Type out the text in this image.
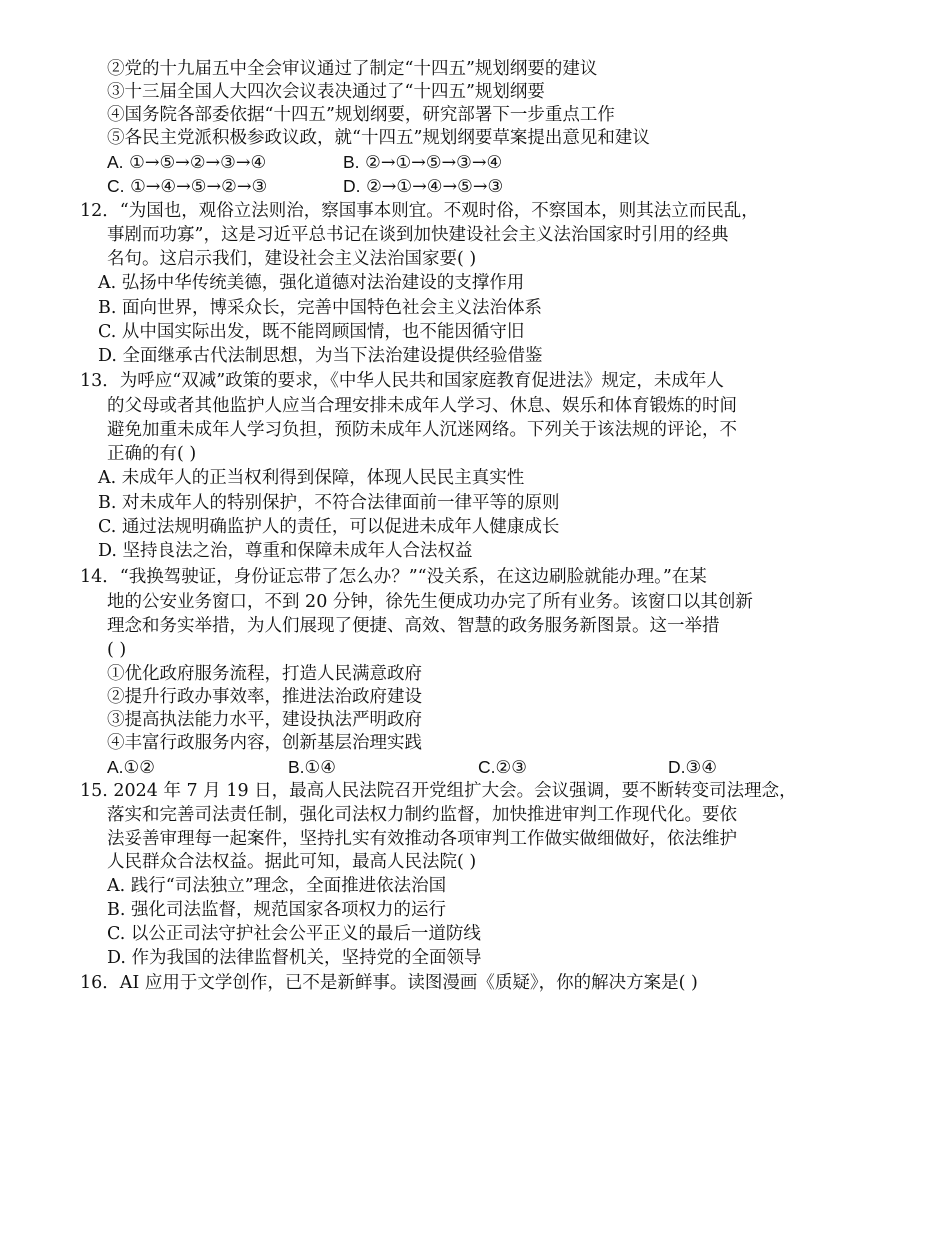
②党的十九届五中全会审议通过了制定“十四五”规划纲要的建议
③十三届全国人大四次会议表决通过了“十四五”规划纲要
④国务院各部委依据“十四五”规划纲要，研究部署下一步重点工作
⑤各民主党派积极参政议政，就“十四五”规划纲要草案提出意见和建议
A. ①→⑤→②→③→④	B. ②→①→⑤→③→④
C. ①→④→⑤→②→③	D. ②→①→④→⑤→③
12．“为国也，观俗立法则治，察国事本则宜。不观时俗，不察国本，则其法立而民乱，
事剧而功寡”，这是习近平总书记在谈到加快建设社会主义法治国家时引用的经典
名句。这启示我们，建设社会主义法治国家要( )
A. 弘扬中华传统美德，强化道德对法治建设的支撑作用
B. 面向世界，博采众长，完善中国特色社会主义法治体系
C. 从中国实际出发，既不能罔顾国情，也不能因循守旧
D. 全面继承古代法制思想，为当下法治建设提供经验借鉴
13．为呼应“双减”政策的要求，《中华人民共和国家庭教育促进法》规定，未成年人
的父母或者其他监护人应当合理安排未成年人学习、休息、娱乐和体育锻炼的时间
避免加重未成年人学习负担，预防未成年人沉迷网络。下列关于该法规的评论，不
正确的有( )
A. 未成年人的正当权利得到保障，体现人民民主真实性
B. 对未成年人的特别保护，不符合法律面前一律平等的原则
C. 通过法规明确监护人的责任，可以促进未成年人健康成长
D. 坚持良法之治，尊重和保障未成年人合法权益
14．“我换驾驶证，身份证忘带了怎么办？”“没关系，在这边刷脸就能办理。”在某
地的公安业务窗口，不到 20 分钟，徐先生便成功办完了所有业务。该窗口以其创新
理念和务实举措，为人们展现了便捷、高效、智慧的政务服务新图景。这一举措
( )
①优化政府服务流程，打造人民满意政府
②提升行政办事效率，推进法治政府建设
③提高执法能力水平，建设执法严明政府
④丰富行政服务内容，创新基层治理实践
A.①②	B.①④	C.②③	D.③④
15. 2024 年 7 月 19 日，最高人民法院召开党组扩大会。会议强调，要不断转变司法理念，
落实和完善司法责任制，强化司法权力制约监督，加快推进审判工作现代化。要依
法妥善审理每一起案件，坚持扎实有效推动各项审判工作做实做细做好，依法维护
人民群众合法权益。据此可知，最高人民法院( )
A. 践行“司法独立”理念，全面推进依法治国
B. 强化司法监督，规范国家各项权力的运行
C. 以公正司法守护社会公平正义的最后一道防线
D. 作为我国的法律监督机关，坚持党的全面领导
16．AI 应用于文学创作，已不是新鲜事。读图漫画《质疑》，你的解决方案是( )
